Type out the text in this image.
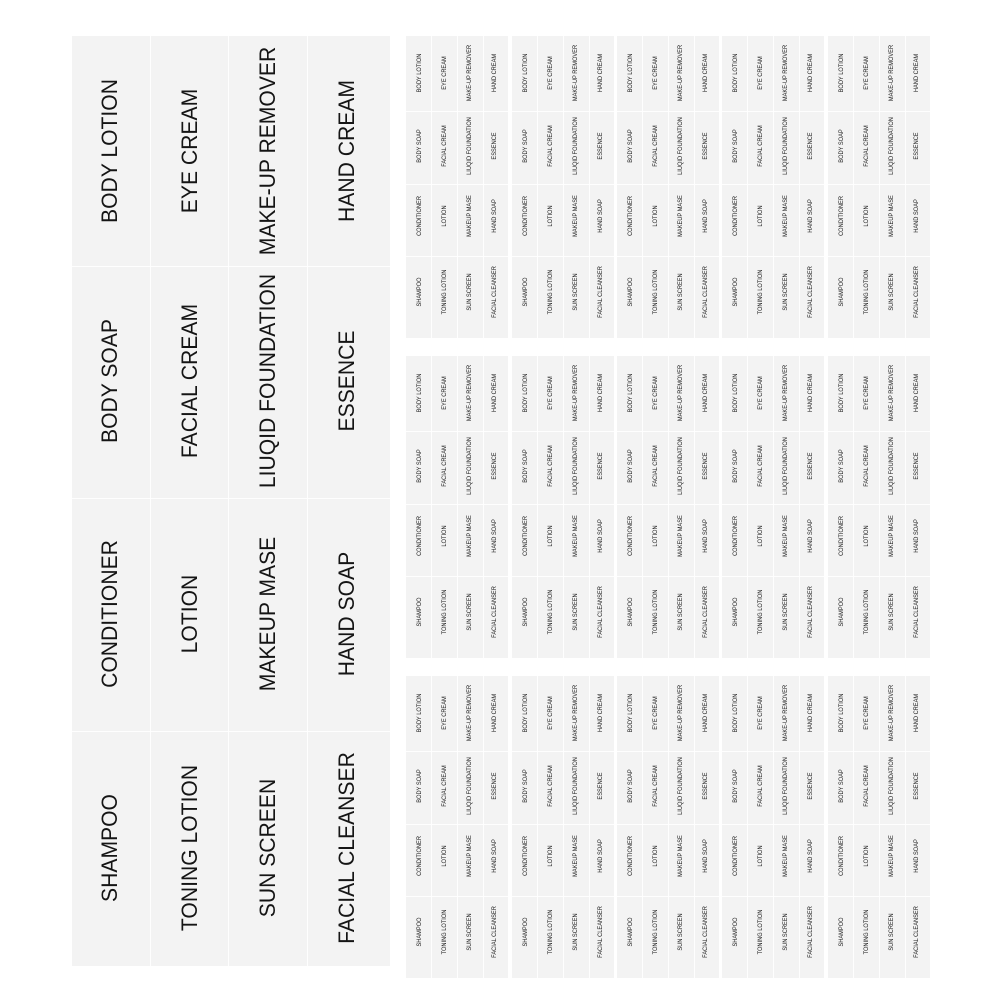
BODY LOTION
BODY SOAP
CONDITIONER
SHAMPOO
EYE CREAM
FACIAL CREAM
LOTION
TONING LOTION
MAKE-UP REMOVER
LIUQID FOUNDATION
MAKEUP MASE
SUN SCREEN
HAND CREAM
ESSENCE
HAND SOAP
FACIAL CLEANSER
BODY LOTION
BODY SOAP
CONDITIONER
SHAMPOO
EYE CREAM
FACIAL CREAM
LOTION
TONING LOTION
MAKE-UP REMOVER
LIUQID FOUNDATION
MAKEUP MASE
SUN SCREEN
HAND CREAM
ESSENCE
HAND SOAP
FACIAL CLEANSER
BODY LOTION
BODY SOAP
CONDITIONER
SHAMPOO
EYE CREAM
FACIAL CREAM
LOTION
TONING LOTION
MAKE-UP REMOVER
LIUQID FOUNDATION
MAKEUP MASE
SUN SCREEN
HAND CREAM
ESSENCE
HAND SOAP
FACIAL CLEANSER
BODY LOTION
BODY SOAP
CONDITIONER
SHAMPOO
EYE CREAM
FACIAL CREAM
LOTION
TONING LOTION
MAKE-UP REMOVER
LIUQID FOUNDATION
MAKEUP MASE
SUN SCREEN
HAND CREAM
ESSENCE
HAND SOAP
FACIAL CLEANSER
BODY LOTION
BODY SOAP
CONDITIONER
SHAMPOO
EYE CREAM
FACIAL CREAM
LOTION
TONING LOTION
MAKE-UP REMOVER
LIUQID FOUNDATION
MAKEUP MASE
SUN SCREEN
HAND CREAM
ESSENCE
HAND SOAP
FACIAL CLEANSER
BODY LOTION
BODY SOAP
CONDITIONER
SHAMPOO
EYE CREAM
FACIAL CREAM
LOTION
TONING LOTION
MAKE-UP REMOVER
LIUQID FOUNDATION
MAKEUP MASE
SUN SCREEN
HAND CREAM
ESSENCE
HAND SOAP
FACIAL CLEANSER
BODY LOTION
BODY SOAP
CONDITIONER
SHAMPOO
EYE CREAM
FACIAL CREAM
LOTION
TONING LOTION
MAKE-UP REMOVER
LIUQID FOUNDATION
MAKEUP MASE
SUN SCREEN
HAND CREAM
ESSENCE
HAND SOAP
FACIAL CLEANSER
BODY LOTION
BODY SOAP
CONDITIONER
SHAMPOO
EYE CREAM
FACIAL CREAM
LOTION
TONING LOTION
MAKE-UP REMOVER
LIUQID FOUNDATION
MAKEUP MASE
SUN SCREEN
HAND CREAM
ESSENCE
HAND SOAP
FACIAL CLEANSER
BODY LOTION
BODY SOAP
CONDITIONER
SHAMPOO
EYE CREAM
FACIAL CREAM
LOTION
TONING LOTION
MAKE-UP REMOVER
LIUQID FOUNDATION
MAKEUP MASE
SUN SCREEN
HAND CREAM
ESSENCE
HAND SOAP
FACIAL CLEANSER
BODY LOTION
BODY SOAP
CONDITIONER
SHAMPOO
EYE CREAM
FACIAL CREAM
LOTION
TONING LOTION
MAKE-UP REMOVER
LIUQID FOUNDATION
MAKEUP MASE
SUN SCREEN
HAND CREAM
ESSENCE
HAND SOAP
FACIAL CLEANSER
BODY LOTION
BODY SOAP
CONDITIONER
SHAMPOO
EYE CREAM
FACIAL CREAM
LOTION
TONING LOTION
MAKE-UP REMOVER
LIUQID FOUNDATION
MAKEUP MASE
SUN SCREEN
HAND CREAM
ESSENCE
HAND SOAP
FACIAL CLEANSER
BODY LOTION
BODY SOAP
CONDITIONER
SHAMPOO
EYE CREAM
FACIAL CREAM
LOTION
TONING LOTION
MAKE-UP REMOVER
LIUQID FOUNDATION
MAKEUP MASE
SUN SCREEN
HAND CREAM
ESSENCE
HAND SOAP
FACIAL CLEANSER
BODY LOTION
BODY SOAP
CONDITIONER
SHAMPOO
EYE CREAM
FACIAL CREAM
LOTION
TONING LOTION
MAKE-UP REMOVER
LIUQID FOUNDATION
MAKEUP MASE
SUN SCREEN
HAND CREAM
ESSENCE
HAND SOAP
FACIAL CLEANSER
BODY LOTION
BODY SOAP
CONDITIONER
SHAMPOO
EYE CREAM
FACIAL CREAM
LOTION
TONING LOTION
MAKE-UP REMOVER
LIUQID FOUNDATION
MAKEUP MASE
SUN SCREEN
HAND CREAM
ESSENCE
HAND SOAP
FACIAL CLEANSER
BODY LOTION
BODY SOAP
CONDITIONER
SHAMPOO
EYE CREAM
FACIAL CREAM
LOTION
TONING LOTION
MAKE-UP REMOVER
LIUQID FOUNDATION
MAKEUP MASE
SUN SCREEN
HAND CREAM
ESSENCE
HAND SOAP
FACIAL CLEANSER
BODY LOTION
BODY SOAP
CONDITIONER
SHAMPOO
EYE CREAM
FACIAL CREAM
LOTION
TONING LOTION
MAKE-UP REMOVER
LIUQID FOUNDATION
MAKEUP MASE
SUN SCREEN
HAND CREAM
ESSENCE
HAND SOAP
FACIAL CLEANSER
